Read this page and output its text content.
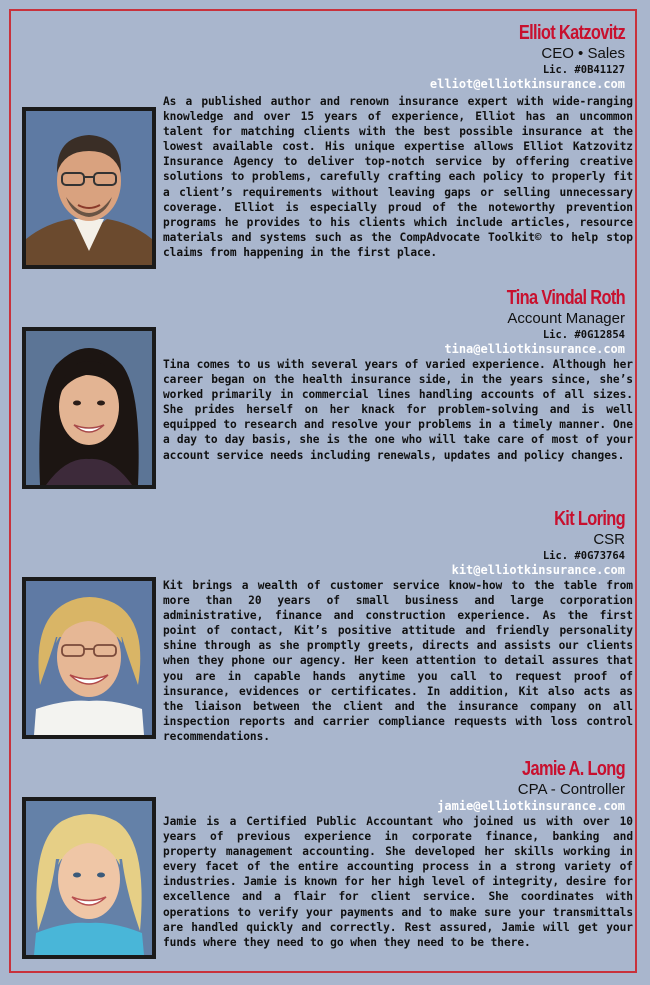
Elliot Katzovitz
CEO • Sales
Lic. #0B41127
elliot@elliotkinsurance.com
As a published author and renown insurance expert with wide-ranging knowledge and over 15 years of experience, Elliot has an uncommon talent for matching clients with the best possible insurance at the lowest available cost. His unique expertise allows Elliot Katzovitz Insurance Agency to deliver top-notch service by offering creative solutions to problems, carefully crafting each policy to properly fit a client’s requirements without leaving gaps or selling unnecessary coverage. Elliot is especially proud of the noteworthy prevention programs he provides to his clients which include articles, resource materials and systems such as the CompAdvocate Toolkit© to help stop claims from happening in the first place.
Tina Vindal Roth
Account Manager
Lic. #0G12854
tina@elliotkinsurance.com
Tina comes to us with several years of varied experience. Although her career began on the health insurance side, in the years since, she’s worked primarily in commercial lines handling accounts of all sizes. She prides herself on her knack for problem-solving and is well equipped to research and resolve your problems in a timely manner. One a day to day basis, she is the one who will take care of most of your account service needs including renewals, updates and policy changes.
Kit Loring
CSR
Lic. #0G73764
kit@elliotkinsurance.com
Kit brings a wealth of customer service know-how to the table from more than 20 years of small business and large corporation administrative, finance and construction experience. As the first point of contact, Kit’s positive attitude and friendly personality shine through as she promptly greets, directs and assists our clients when they phone our agency. Her keen attention to detail assures that you are in capable hands anytime you call to request proof of insurance, evidences or certificates. In addition, Kit also acts as the liaison between the client and the insurance company on all inspection reports and carrier compliance requests with loss control recommendations.
Jamie A. Long
CPA - Controller
jamie@elliotkinsurance.com
Jamie is a Certified Public Accountant who joined us with over 10 years of previous experience in corporate finance, banking and property management accounting. She developed her skills working in every facet of the entire accounting process in a strong variety of industries. Jamie is known for her high level of integrity, desire for excellence and a flair for client service. She coordinates with operations to verify your payments and to make sure your transmittals are handled quickly and correctly. Rest assured, Jamie will get your funds where they need to go when they need to be there.
